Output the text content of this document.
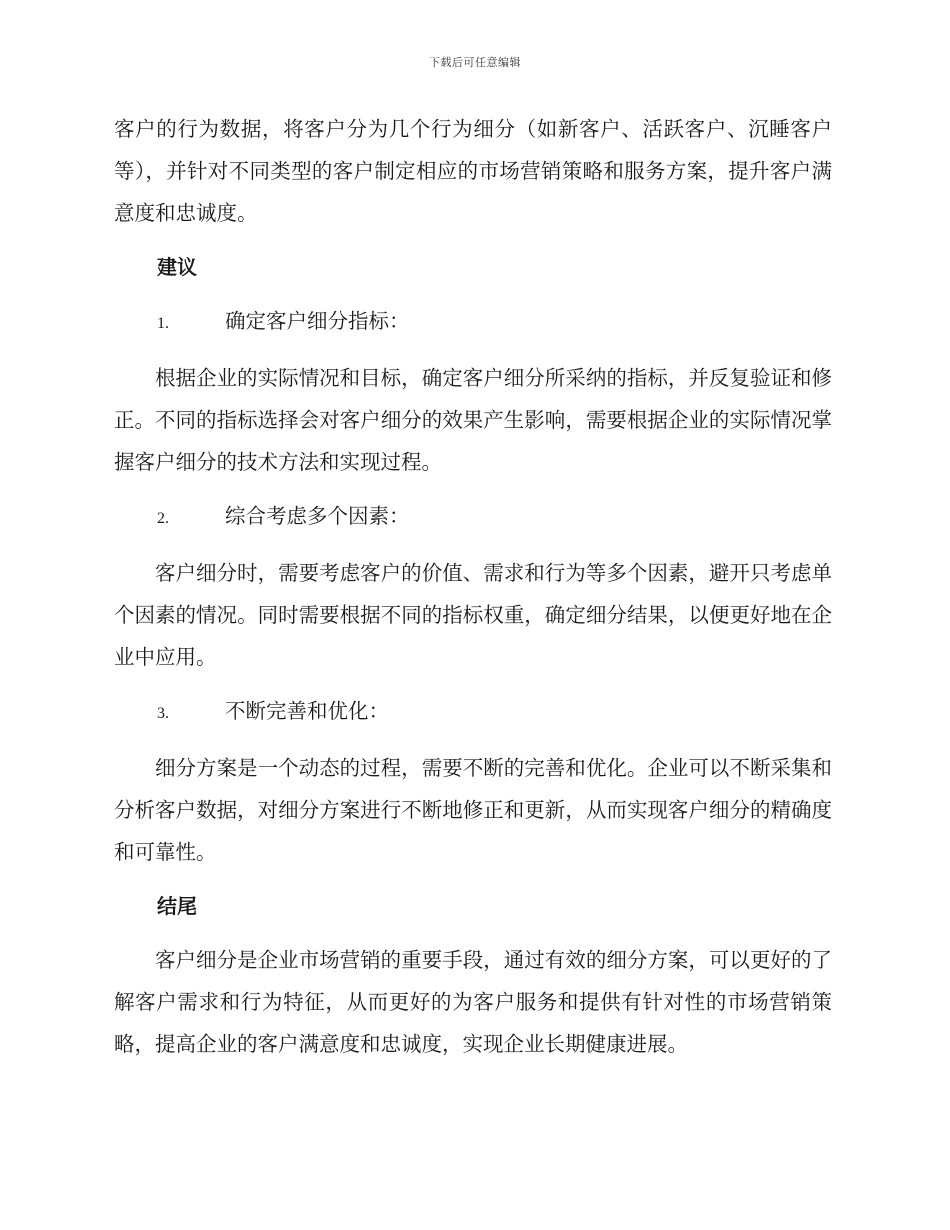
下载后可任意编辑

客户的行为数据，将客户分为几个行为细分（如新客户、活跃客户、沉睡客户等），并针对不同类型的客户制定相应的市场营销策略和服务方案，提升客户满意度和忠诚度。

建议
1.	确定客户细分指标：

根据企业的实际情况和目标，确定客户细分所采纳的指标，并反复验证和修正。不同的指标选择会对客户细分的效果产生影响，需要根据企业的实际情况掌握客户细分的技术方法和实现过程。

2.	综合考虑多个因素：

客户细分时，需要考虑客户的价值、需求和行为等多个因素，避开只考虑单个因素的情况。同时需要根据不同的指标权重，确定细分结果，以便更好地在企业中应用。

3.	不断完善和优化：

细分方案是一个动态的过程，需要不断的完善和优化。企业可以不断采集和分析客户数据，对细分方案进行不断地修正和更新，从而实现客户细分的精确度和可靠性。

结尾

客户细分是企业市场营销的重要手段，通过有效的细分方案，可以更好的了解客户需求和行为特征，从而更好的为客户服务和提供有针对性的市场营销策略，提高企业的客户满意度和忠诚度，实现企业长期健康进展。
